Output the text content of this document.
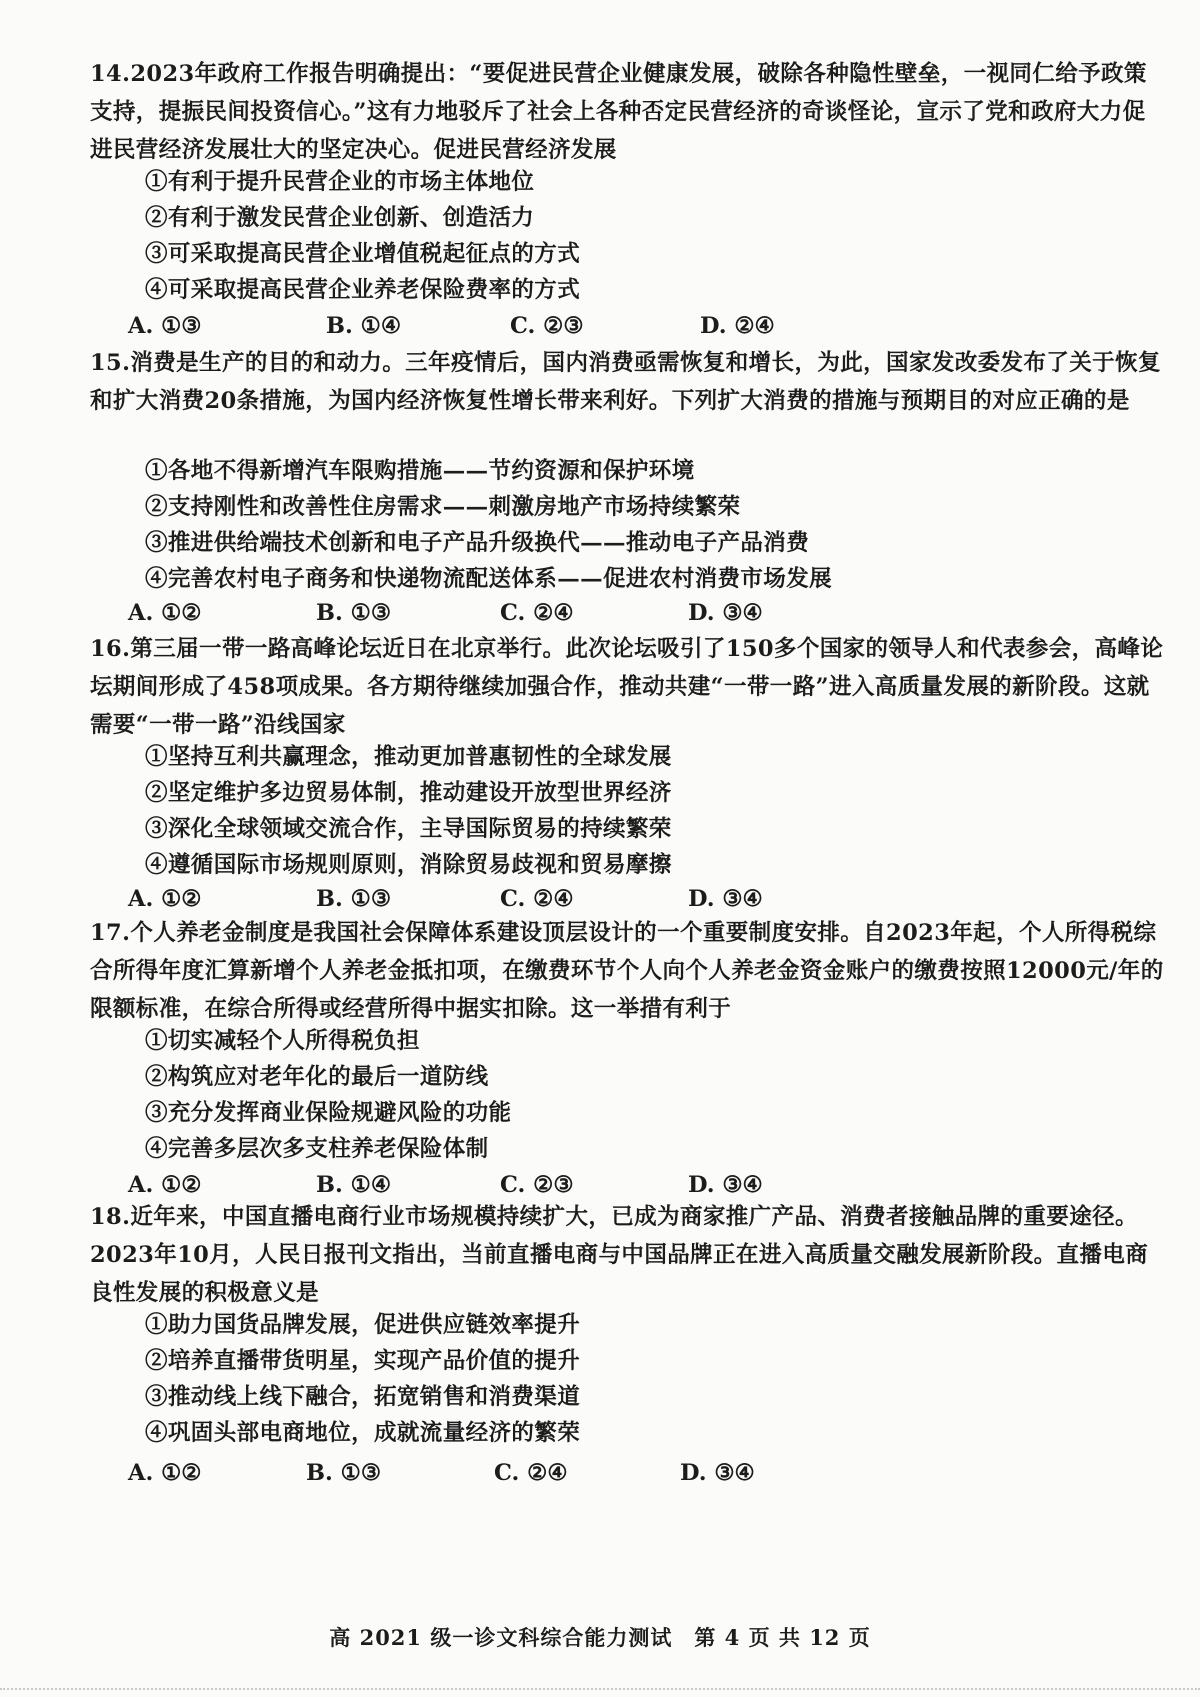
14.2023年政府工作报告明确提出：“要促进民营企业健康发展，破除各种隐性壁垒，一视同仁给予政策支持，提振民间投资信心。”这有力地驳斥了社会上各种否定民营经济的奇谈怪论，宣示了党和政府大力促进民营经济发展壮大的坚定决心。促进民营经济发展

①有利于提升民营企业的市场主体地位
②有利于激发民营企业创新、创造活力
③可采取提高民营企业增值税起征点的方式
④可采取提高民营企业养老保险费率的方式
A. ①③	B. ①④	C. ②③	D. ②④

15.消费是生产的目的和动力。三年疫情后，国内消费亟需恢复和增长，为此，国家发改委发布了关于恢复和扩大消费20条措施，为国内经济恢复性增长带来利好。下列扩大消费的措施与预期目的对应正确的是

①各地不得新增汽车限购措施——节约资源和保护环境
②支持刚性和改善性住房需求——刺激房地产市场持续繁荣
③推进供给端技术创新和电子产品升级换代——推动电子产品消费
④完善农村电子商务和快递物流配送体系——促进农村消费市场发展
A. ①②	B. ①③	C. ②④	D. ③④

16.第三届一带一路高峰论坛近日在北京举行。此次论坛吸引了150多个国家的领导人和代表参会，高峰论坛期间形成了458项成果。各方期待继续加强合作，推动共建“一带一路”进入高质量发展的新阶段。这就需要“一带一路”沿线国家

①坚持互利共赢理念，推动更加普惠韧性的全球发展
②坚定维护多边贸易体制，推动建设开放型世界经济
③深化全球领域交流合作，主导国际贸易的持续繁荣
④遵循国际市场规则原则，消除贸易歧视和贸易摩擦
A. ①②	B. ①③	C. ②④	D. ③④

17.个人养老金制度是我国社会保障体系建设顶层设计的一个重要制度安排。自2023年起，个人所得税综合所得年度汇算新增个人养老金抵扣项，在缴费环节个人向个人养老金资金账户的缴费按照12000元/年的限额标准，在综合所得或经营所得中据实扣除。这一举措有利于

①切实减轻个人所得税负担
②构筑应对老年化的最后一道防线
③充分发挥商业保险规避风险的功能
④完善多层次多支柱养老保险体制
A. ①②	B. ①④	C. ②③	D. ③④

18.近年来，中国直播电商行业市场规模持续扩大，已成为商家推广产品、消费者接触品牌的重要途径。2023年10月，人民日报刊文指出，当前直播电商与中国品牌正在进入高质量交融发展新阶段。直播电商良性发展的积极意义是

①助力国货品牌发展，促进供应链效率提升
②培养直播带货明星，实现产品价值的提升
③推动线上线下融合，拓宽销售和消费渠道
④巩固头部电商地位，成就流量经济的繁荣
A. ①②	B. ①③	C. ②④	D. ③④
高 2021 级一诊文科综合能力测试　第 4 页 共 12 页
